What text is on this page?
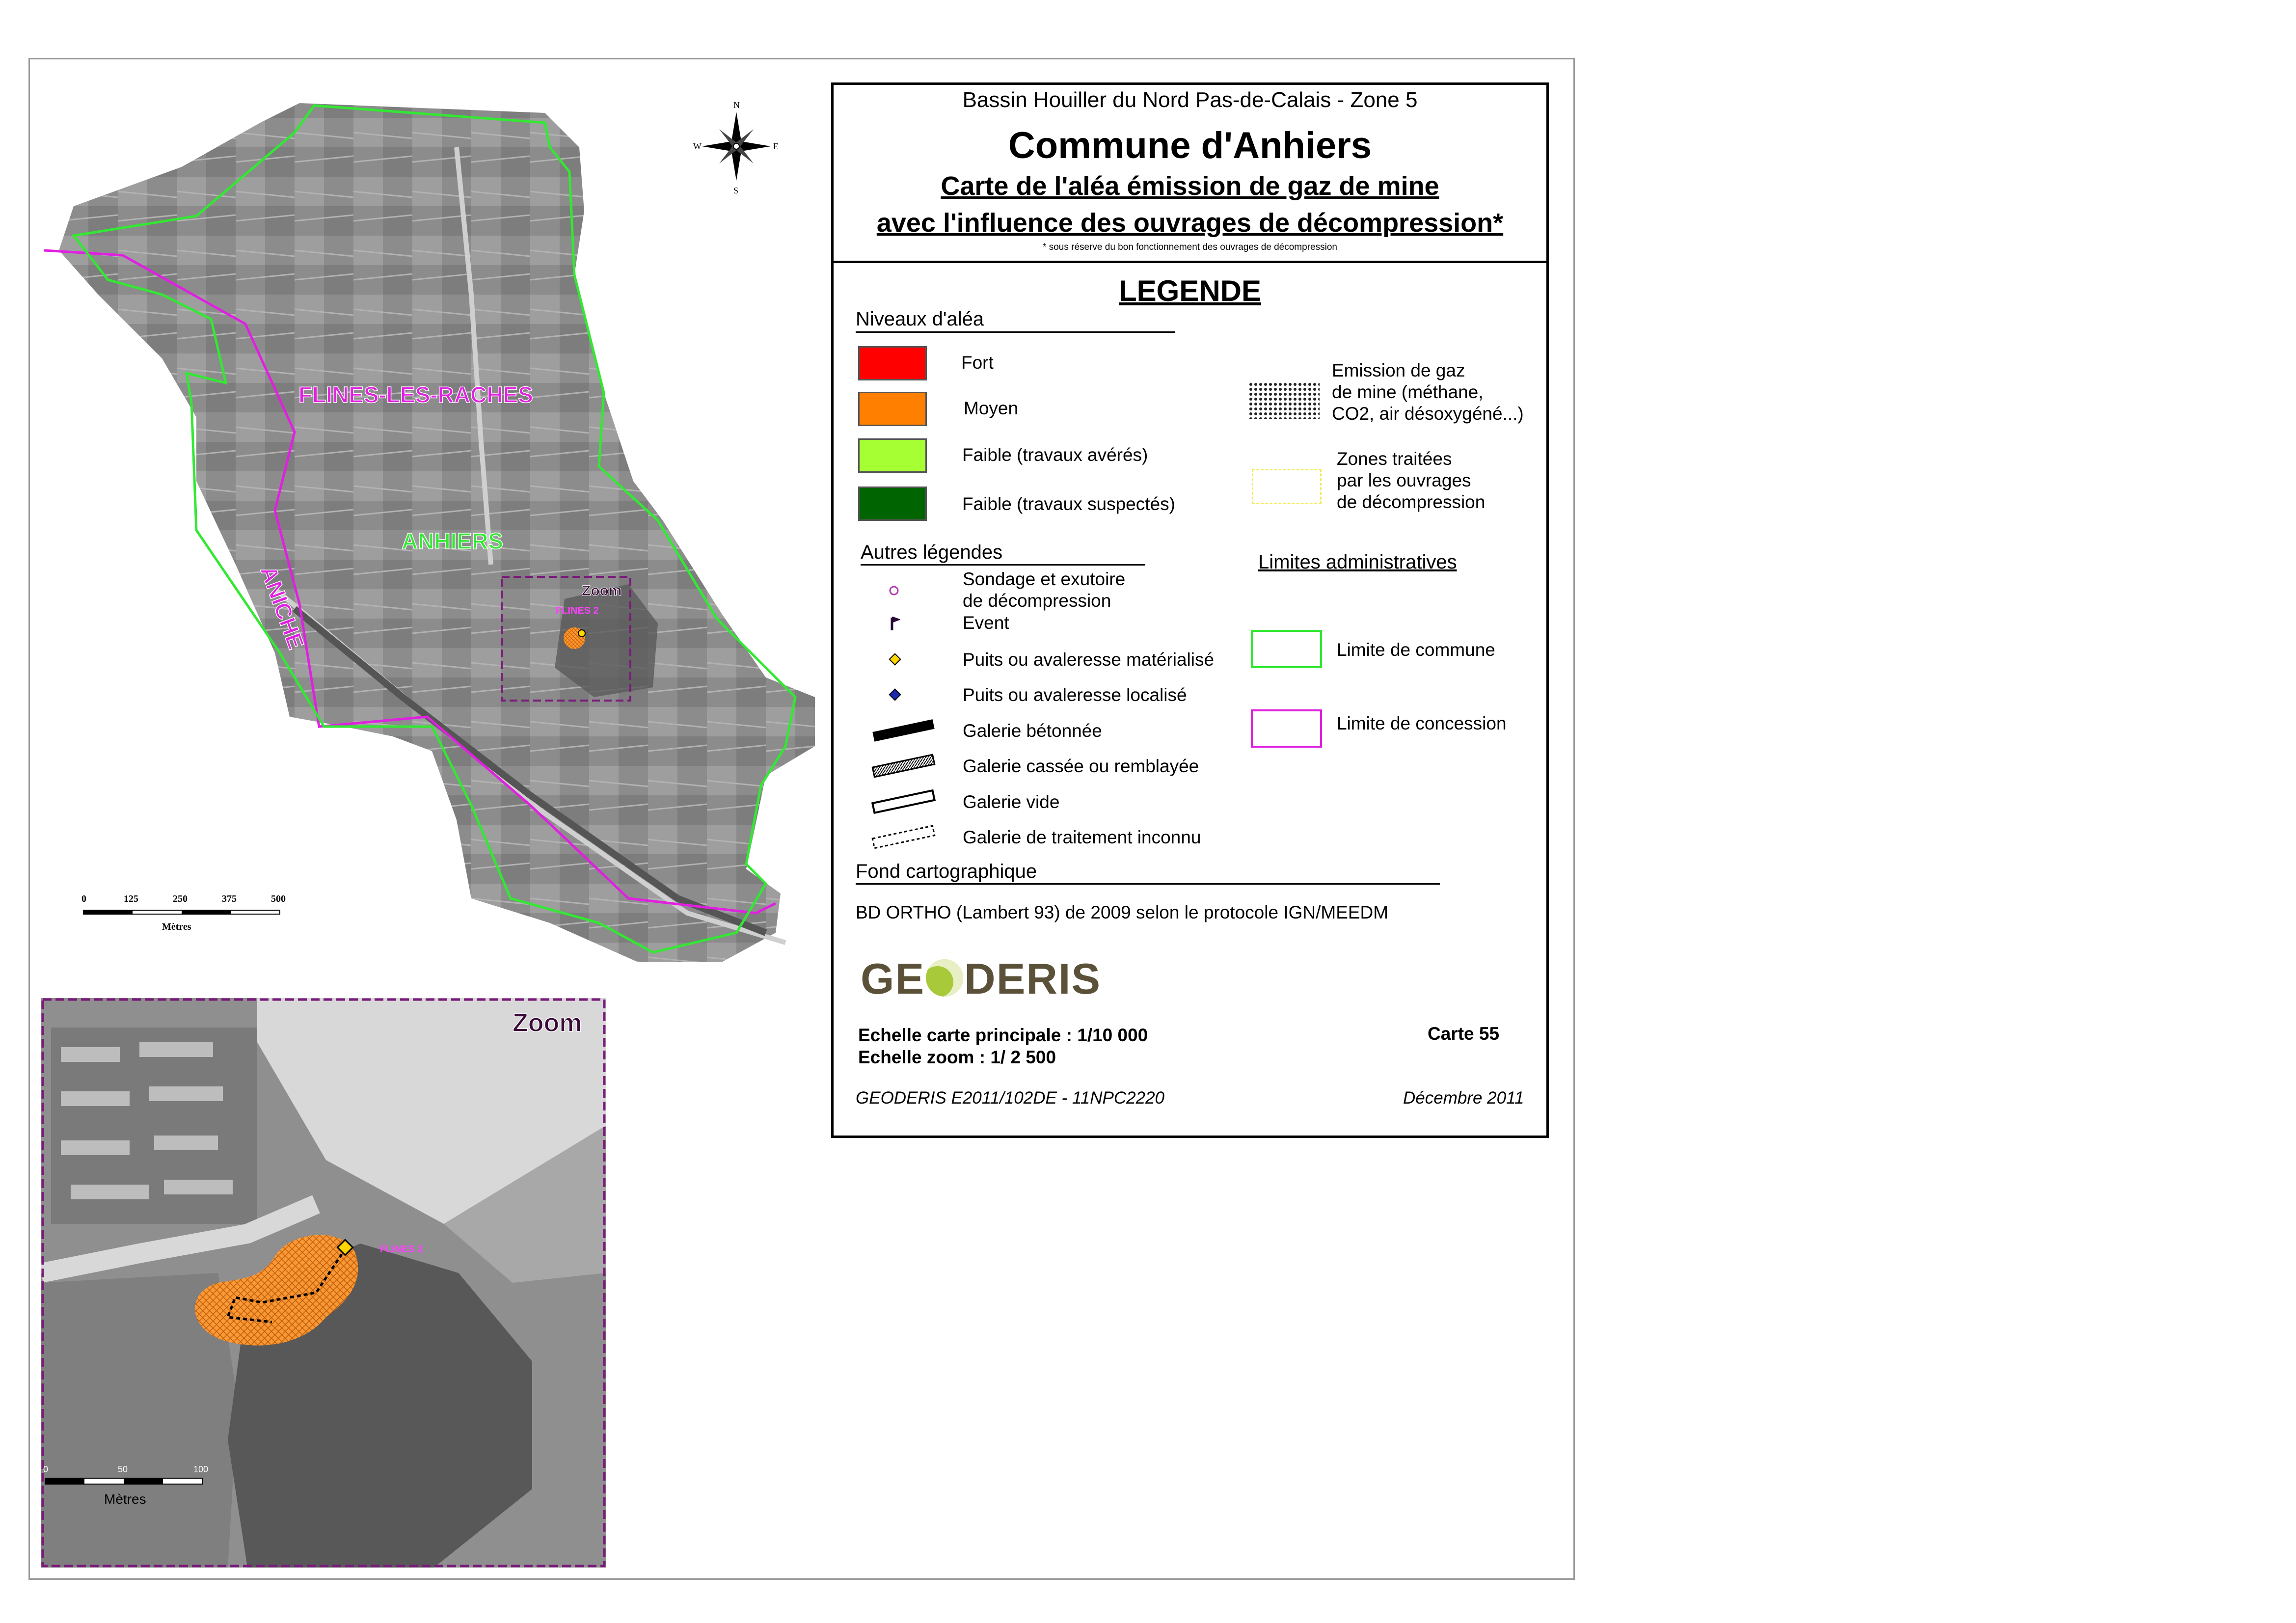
Zoom
FLINES 2
FLINES-LES-RACHES
ANHIERS
ANICHE
N
S
E
W
0	125	250	375	500
Mètres
FLINES 2
Zoom
0	50	100
Mètres
Bassin Houiller du Nord Pas-de-Calais - Zone 5
Commune d'Anhiers
Carte de l'aléa émission de gaz de mine
avec l'influence des ouvrages de décompression*
* sous réserve du bon fonctionnement des ouvrages de décompression
LEGENDE
Niveaux d'aléa
Fort
Moyen
Faible (travaux avérés)
Faible (travaux suspectés)
Emission de gaz
de mine (méthane,
CO2, air désoxygéné...)
Zones traitées
par les ouvrages
de décompression
Autres légendes
Sondage et exutoire
de décompression
Event
Puits ou avaleresse matérialisé
Puits ou avaleresse localisé
Galerie bétonnée
Galerie cassée ou remblayée
Galerie vide
Galerie de traitement inconnu
Limites administratives
Limite de commune
Limite de concession
Fond cartographique
BD ORTHO (Lambert 93) de 2009 selon le protocole IGN/MEEDM
GE DERIS
Echelle carte principale : 1/10 000
Echelle zoom : 1/ 2 500
Carte 55
GEODERIS E2011/102DE - 11NPC2220	Décembre 2011
